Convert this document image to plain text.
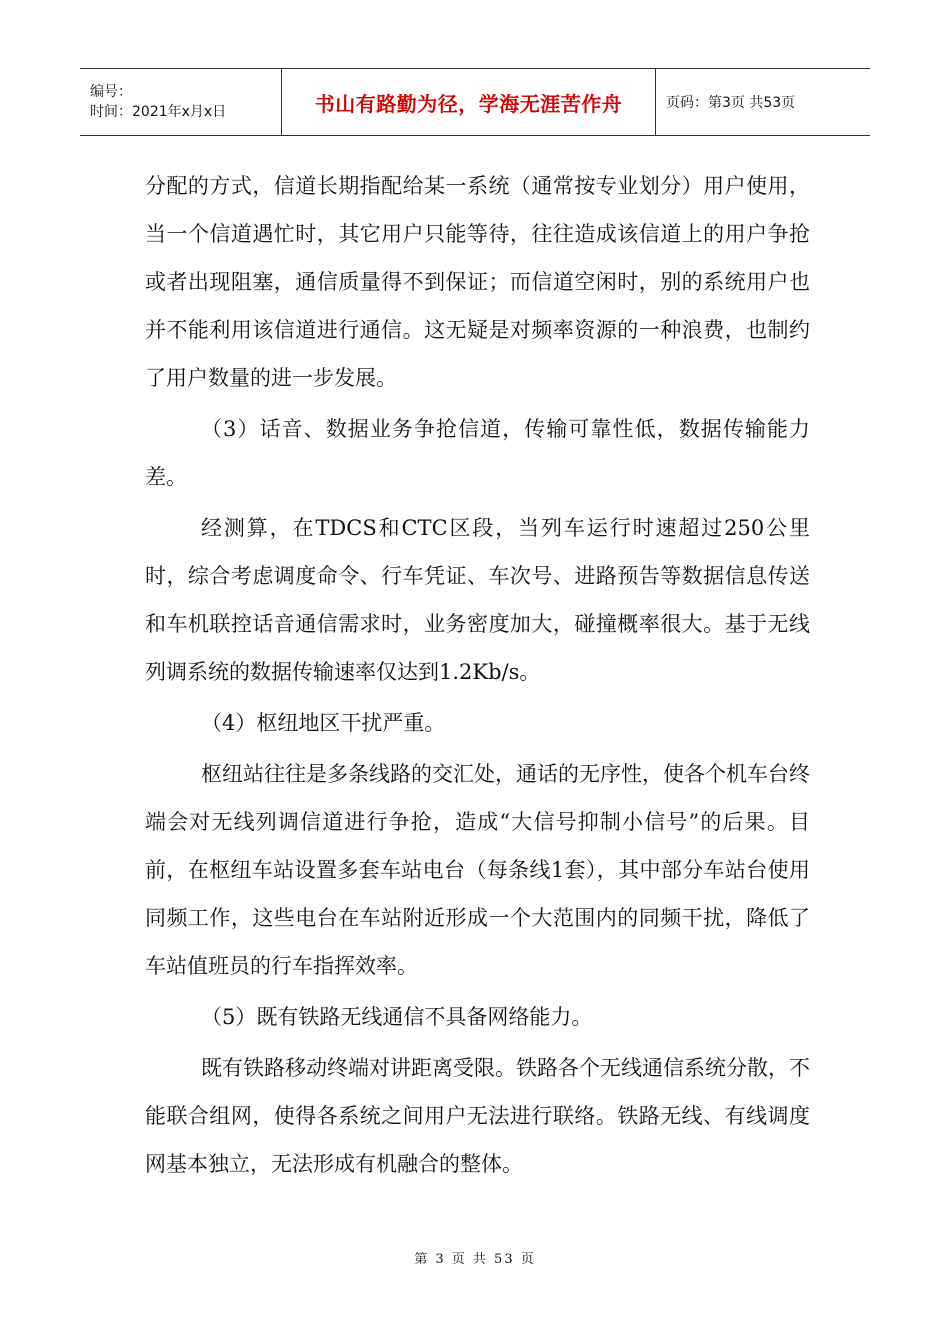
编号：
时间：2021年x月x日	书山有路勤为径，学海无涯苦作舟	页码：第3页 共53页

分配的方式，信道长期指配给某一系统（通常按专业划分）用户使用，当一个信道遇忙时，其它用户只能等待，往往造成该信道上的用户争抢或者出现阻塞，通信质量得不到保证；而信道空闲时，别的系统用户也并不能利用该信道进行通信。这无疑是对频率资源的一种浪费，也制约了用户数量的进一步发展。

（3）话音、数据业务争抢信道，传输可靠性低，数据传输能力差。

经测算，在TDCS和CTC区段，当列车运行时速超过250公里时，综合考虑调度命令、行车凭证、车次号、进路预告等数据信息传送和车机联控话音通信需求时，业务密度加大，碰撞概率很大。基于无线列调系统的数据传输速率仅达到1.2Kb/s。

（4）枢纽地区干扰严重。

枢纽站往往是多条线路的交汇处，通话的无序性，使各个机车台终端会对无线列调信道进行争抢，造成“大信号抑制小信号”的后果。目前，在枢纽车站设置多套车站电台（每条线1套），其中部分车站台使用同频工作，这些电台在车站附近形成一个大范围内的同频干扰，降低了车站值班员的行车指挥效率。

（5）既有铁路无线通信不具备网络能力。

既有铁路移动终端对讲距离受限。铁路各个无线通信系统分散，不能联合组网，使得各系统之间用户无法进行联络。铁路无线、有线调度网基本独立，无法形成有机融合的整体。

第 3 页 共 53 页
